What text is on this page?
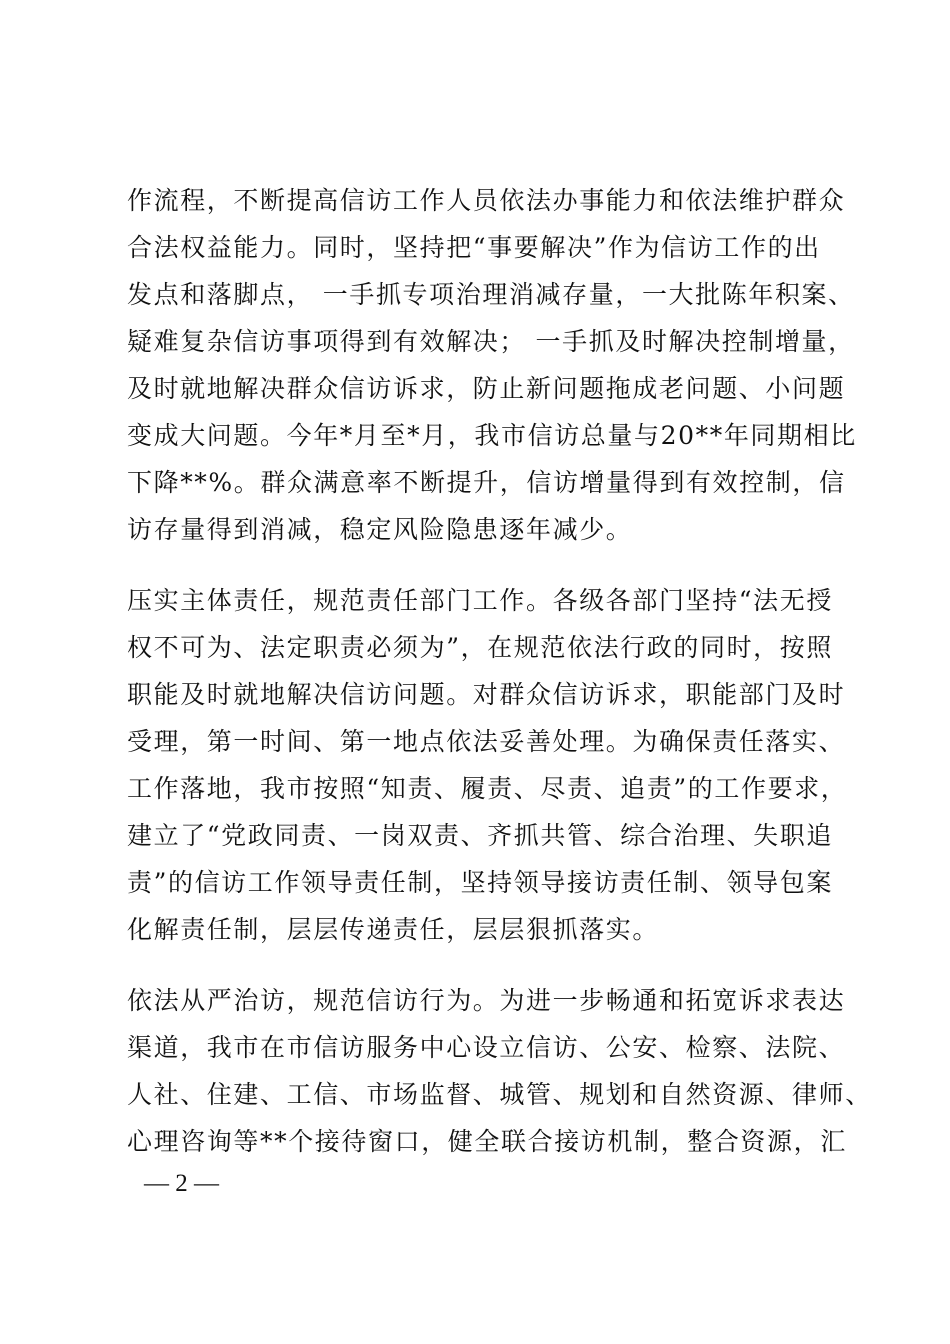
作流程，不断提高信访工作人员依法办事能力和依法维护群众
合法权益能力。同时，坚持把“事要解决”作为信访工作的出
发点和落脚点， 一手抓专项治理消减存量，一大批陈年积案、
疑难复杂信访事项得到有效解决； 一手抓及时解决控制增量，
及时就地解决群众信访诉求，防止新问题拖成老问题、小问题
变成大问题。今年*月至*月，我市信访总量与20**年同期相比
下降**%。群众满意率不断提升，信访增量得到有效控制，信
访存量得到消减，稳定风险隐患逐年减少。
压实主体责任，规范责任部门工作。各级各部门坚持“法无授
权不可为、法定职责必须为”，在规范依法行政的同时，按照
职能及时就地解决信访问题。对群众信访诉求，职能部门及时
受理，第一时间、第一地点依法妥善处理。为确保责任落实、
工作落地，我市按照“知责、履责、尽责、追责”的工作要求，
建立了“党政同责、一岗双责、齐抓共管、综合治理、失职追
责”的信访工作领导责任制，坚持领导接访责任制、领导包案
化解责任制，层层传递责任，层层狠抓落实。
依法从严治访，规范信访行为。为进一步畅通和拓宽诉求表达
渠道，我市在市信访服务中心设立信访、公安、检察、法院、
人社、住建、工信、市场监督、城管、规划和自然资源、律师、
心理咨询等**个接待窗口，健全联合接访机制，整合资源，汇
— 2 —
